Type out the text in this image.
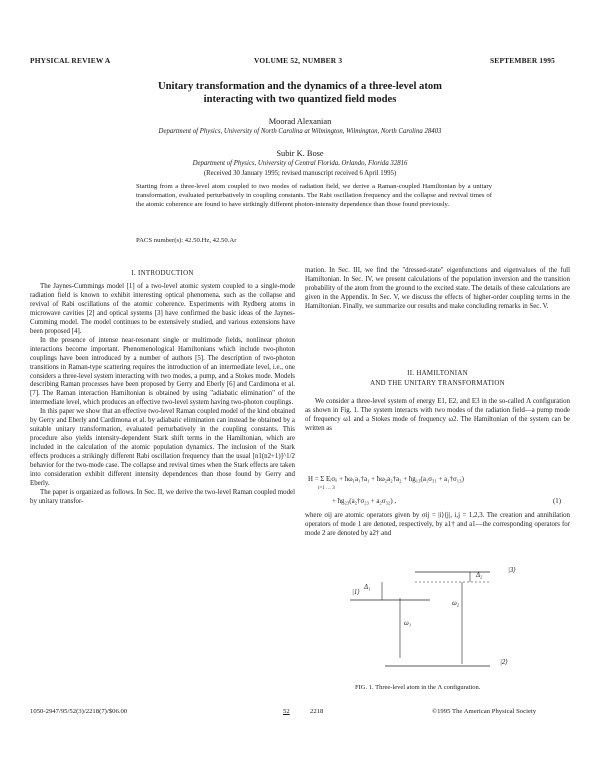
PHYSICAL REVIEW A	VOLUME 52, NUMBER 3	SEPTEMBER 1995
Unitary transformation and the dynamics of a three-level atom
interacting with two quantized field modes
Moorad Alexanian
Department of Physics, University of North Carolina at Wilmington, Wilmington, North Carolina 28403
Subir K. Bose
Department of Physics, University of Central Florida, Orlando, Florida 32816
(Received 30 January 1995; revised manuscript received 6 April 1995)
Starting from a three-level atom coupled to two modes of radiation field, we derive a Raman-coupled Hamiltonian by a unitary transformation, evaluated perturbatively in coupling constants. The Rabi oscillation frequency and the collapse and revival times of the atomic coherence are found to have strikingly different photon-intensity dependence than those found previously.
PACS number(s): 42.50.Hz, 42.50.Ar
I. INTRODUCTION

The Jaynes-Cummings model [1] of a two-level atomic system coupled to a single-mode radiation field is known to exhibit interesting optical phenomena, such as the collapse and revival of Rabi oscillations of the atomic coherence. Experiments with Rydberg atoms in microwave cavities [2] and optical systems [3] have confirmed the basic ideas of the Jaynes-Cumming model. The model continues to be extensively studied, and various extensions have been proposed [4].

In the presence of intense near-resonant single or multimode fields, nonlinear photon interactions become important. Phenomenological Hamiltonians which include two-photon couplings have been introduced by a number of authors [5]. The description of two-photon transitions in Raman-type scattering requires the introduction of an intermediate level, i.e., one considers a three-level system interacting with two modes, a pump, and a Stokes mode. Models describing Raman processes have been proposed by Gerry and Eberly [6] and Cardimona et al. [7]. The Raman interaction Hamiltonian is obtained by using "adiabatic elimination" of the intermediate level, which produces an effective two-level system having two-photon couplings.

In this paper we show that an effective two-level Raman coupled model of the kind obtained by Gerry and Eberly and Cardimona et al. by adiabatic elimination can instead be obtained by a suitable unitary transformation, evaluated perturbatively in the coupling constants. This procedure also yields intensity-dependent Stark shift terms in the Hamiltonian, which are included in the calculation of the atomic population dynamics. The inclusion of the Stark effects produces a strikingly different Rabi oscillation frequency than the usual [n1(n2+1)]^1/2 behavior for the two-mode case. The collapse and revival times when the Stark effects are taken into consideration exhibit different intensity dependences than those found by Gerry and Eberly.

The paper is organized as follows. In Sec. II, we derive the two-level Raman coupled model by unitary transfor-

mation. In Sec. III, we find the "dressed-state" eigenfunctions and eigenvalues of the full Hamiltonian. In Sec. IV, we present calculations of the population inversion and the transition probability of the atom from the ground to the excited state. The details of these calculations are given in the Appendix. In Sec. V, we discuss the effects of higher-order coupling terms in the Hamiltonian. Finally, we summarize our results and make concluding remarks in Sec. V.

II. HAMILTONIAN
AND THE UNITARY TRANSFORMATION

We consider a three-level system of energy E1, E2, and E3 in the so-called Λ configuration as shown in Fig. 1. The system interacts with two modes of the radiation field—a pump mode of frequency ω1 and a Stokes mode of frequency ω2. The Hamiltonian of the system can be written as

H = Σ Eᵢσᵢᵢ + ħω₁a₁†a₁ + ħω₂a₂†a₂ + ħg₁₃(a₁σ₃₁ + a₁†σ₁₃)
i=1 … 3
+ ħg₂₃(a₂†σ₂₃ + a₂σ₃₂) ,	(1)

where σij are atomic operators given by σij = |i⟩⟨j|, i,j = 1,2,3. The creation and annihilation operators of mode 1 are denoted, respectively, by a1† and a1—the corresponding operators for mode 2 are denoted by a2† and

|3⟩
|2⟩
|1⟩
Δ₁
Δ₂
ω₁
ω₂
FIG. 1. Three-level atom in the Λ configuration.
1050-2947/95/52(3)/2218(7)/$06.00	52	2218	©1995 The American Physical Society
